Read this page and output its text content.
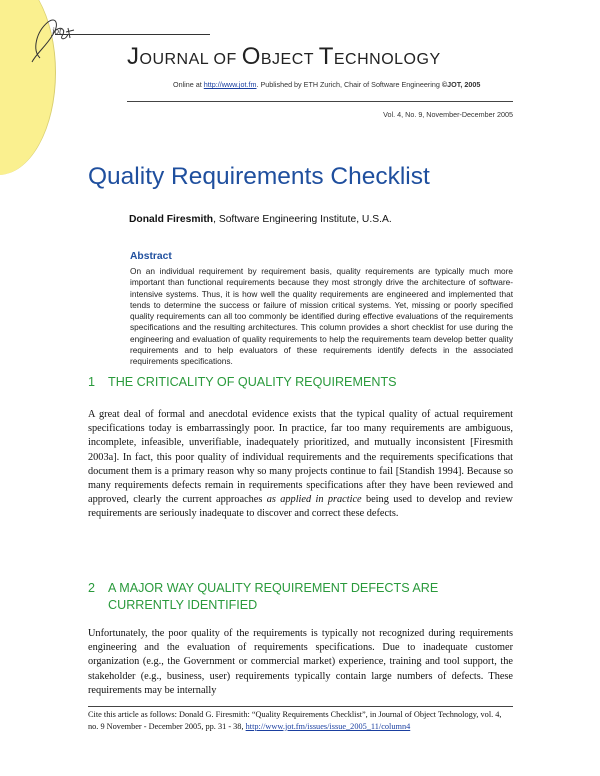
jot
JOURNAL OF OBJECT TECHNOLOGY
Online at http://www.jot.fm. Published by ETH Zurich, Chair of Software Engineering ©JOT, 2005
Vol. 4, No. 9, November-December 2005
Quality Requirements Checklist
Donald Firesmith, Software Engineering Institute, U.S.A.
Abstract
On an individual requirement by requirement basis, quality requirements are typically much more important than functional requirements because they most strongly drive the architecture of software-intensive systems. Thus, it is how well the quality requirements are engineered and implemented that tends to determine the success or failure of mission critical systems. Yet, missing or poorly specified quality requirements can all too commonly be identified during effective evaluations of the requirements specifications and the resulting architectures. This column provides a short checklist for use during the engineering and evaluation of quality requirements to help the requirements team develop better quality requirements and to help evaluators of these requirements identify defects in the associated requirements specifications.
1 THE CRITICALITY OF QUALITY REQUIREMENTS
A great deal of formal and anecdotal evidence exists that the typical quality of actual requirement specifications today is embarrassingly poor. In practice, far too many requirements are ambiguous, incomplete, infeasible, unverifiable, inadequately prioritized, and mutually inconsistent [Firesmith 2003a]. In fact, this poor quality of individual requirements and the requirements specifications that document them is a primary reason why so many projects continue to fail [Standish 1994]. Because so many requirements defects remain in requirements specifications after they have been reviewed and approved, clearly the current approaches as applied in practice being used to develop and review requirements are seriously inadequate to discover and correct these defects.
2 A MAJOR WAY QUALITY REQUIREMENT DEFECTS ARE
CURRENTLY IDENTIFIED
Unfortunately, the poor quality of the requirements is typically not recognized during requirements engineering and the evaluation of requirements specifications. Due to inadequate customer organization (e.g., the Government or commercial market) experience, training and tool support, the stakeholder (e.g., business, user) requirements typically contain large numbers of defects. These requirements may be internally
Cite this article as follows: Donald G. Firesmith: “Quality Requirements Checklist”, in Journal of Object Technology, vol. 4, no. 9 November - December 2005, pp. 31 - 38, http://www.jot.fm/issues/issue_2005_11/column4
